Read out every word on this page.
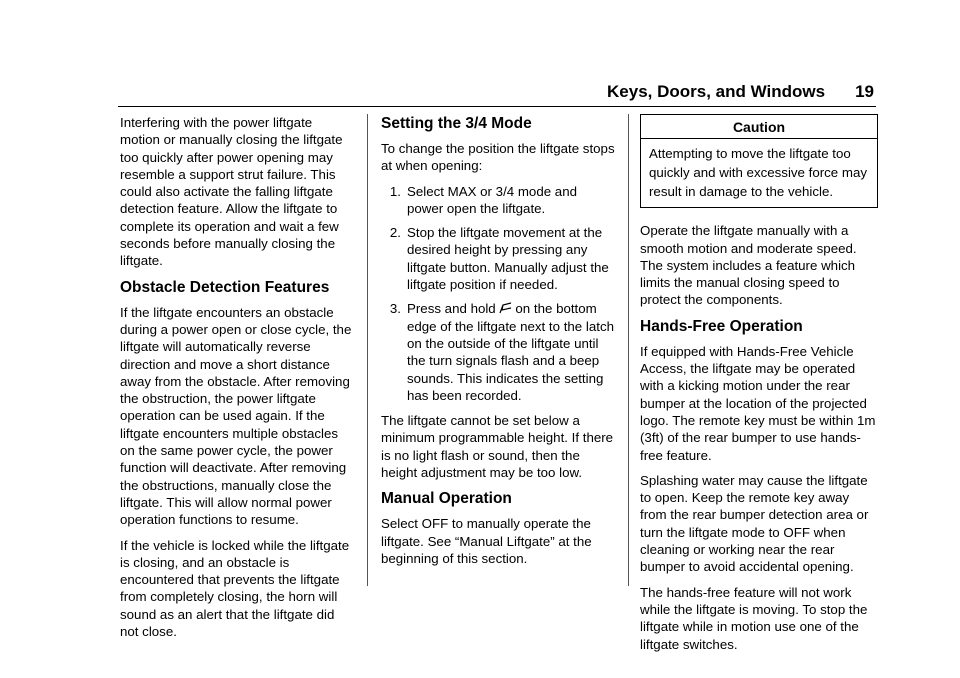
Keys, Doors, and Windows 19

Interfering with the power liftgate motion or manually closing the liftgate too quickly after power opening may resemble a support strut failure. This could also activate the falling liftgate detection feature. Allow the liftgate to complete its operation and wait a few seconds before manually closing the liftgate.

Obstacle Detection Features

If the liftgate encounters an obstacle during a power open or close cycle, the liftgate will automatically reverse direction and move a short distance away from the obstacle. After removing the obstruction, the power liftgate operation can be used again. If the liftgate encounters multiple obstacles on the same power cycle, the power function will deactivate. After removing the obstructions, manually close the liftgate. This will allow normal power operation functions to resume.

If the vehicle is locked while the liftgate is closing, and an obstacle is encountered that prevents the liftgate from completely closing, the horn will sound as an alert that the liftgate did not close.

Setting the 3/4 Mode

To change the position the liftgate stops at when opening:

1. Select MAX or 3/4 mode and power open the liftgate.
2. Stop the liftgate movement at the desired height by pressing any liftgate button. Manually adjust the liftgate position if needed.
3. Press and hold on the bottom edge of the liftgate next to the latch on the outside of the liftgate until the turn signals flash and a beep sounds. This indicates the setting has been recorded.

The liftgate cannot be set below a minimum programmable height. If there is no light flash or sound, then the height adjustment may be too low.

Manual Operation

Select OFF to manually operate the liftgate. See “Manual Liftgate” at the beginning of this section.

Caution
Attempting to move the liftgate too quickly and with excessive force may result in damage to the vehicle.

Operate the liftgate manually with a smooth motion and moderate speed. The system includes a feature which limits the manual closing speed to protect the components.

Hands-Free Operation

If equipped with Hands-Free Vehicle Access, the liftgate may be operated with a kicking motion under the rear bumper at the location of the projected logo. The remote key must be within 1m (3ft) of the rear bumper to use hands-free feature.

Splashing water may cause the liftgate to open. Keep the remote key away from the rear bumper detection area or turn the liftgate mode to OFF when cleaning or working near the rear bumper to avoid accidental opening.

The hands-free feature will not work while the liftgate is moving. To stop the liftgate while in motion use one of the liftgate switches.
